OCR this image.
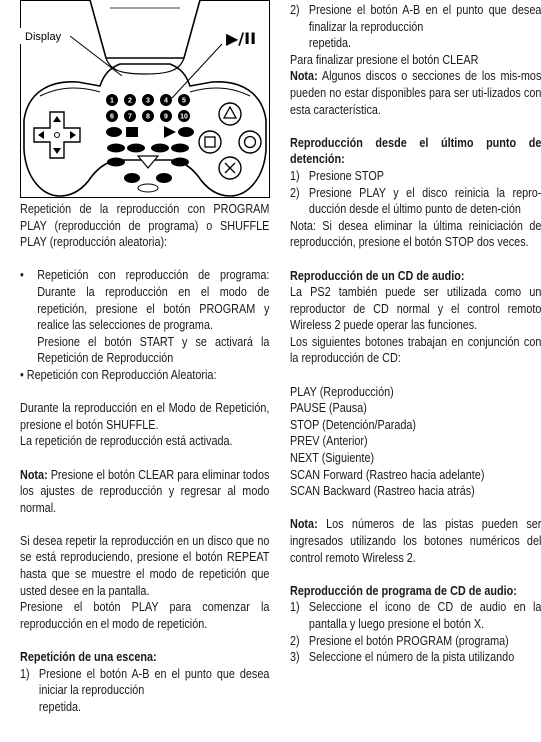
Display	▶/II
1 2 3 4 5
6 7 8 9 10

Repetición de la reproducción con PROGRAM PLAY (reproducción de programa) o SHUFFLE PLAY (reproducción aleatoria):

•	Repetición con reproducción de programa: Durante la reproducción en el modo de repetición, presione el botón PROGRAM y realice las selecciones de programa.
Presione el botón START y se activará la Repetición de Reproducción

• Repetición con Reproducción Aleatoria:

Durante la reproducción en el Modo de Repetición, presione el botón SHUFFLE.

La repetición de reproducción está activada.

Nota: Presione el botón CLEAR para eliminar todos los ajustes de reproducción y regresar al modo normal.

Si desea repetir la reproducción en un disco que no se está reproduciendo, presione el botón REPEAT hasta que se muestre el modo de repetición que usted desee en la pantalla.

Presione el botón PLAY para comenzar la reproducción en el modo de repetición.

Repetición de una escena:

1) Presione el botón A-B en el punto que desea iniciar la reproducción

repetida.

2) Presione el botón A-B en el punto que desea finalizar la reproducción

repetida.

Para finalizar presione el botón CLEAR

Nota: Algunos discos o secciones de los mis-mos pueden no estar disponibles para ser uti-lizados con esta característica.

Reproducción desde el último punto de detención:

1) Presione STOP
2) Presione PLAY y el disco reinicia la repro-ducción desde el último punto de deten-ción

Nota: Si desea eliminar la última reiniciación de reproducción, presione el botón STOP dos veces.

Reproducción de un CD de audio:

La PS2 también puede ser utilizada como un reproductor de CD normal y el control remoto Wireless 2 puede operar las funciones.

Los siguientes botones trabajan en conjunción con la reproducción de CD:

PLAY (Reproducción)

PAUSE (Pausa)

STOP (Detención/Parada)

PREV (Anterior)

NEXT (Siguiente)

SCAN Forward (Rastreo hacia adelante)

SCAN Backward (Rastreo hacia atrás)

Nota: Los números de las pistas pueden ser ingresados utilizando los botones numéricos del control remoto Wireless 2.

Reproducción de programa de CD de audio:

1) Seleccione el icono de CD de audio en la pantalla y luego presione el botón X.
2) Presione el botón PROGRAM (programa)
3) Seleccione el número de la pista utilizando
